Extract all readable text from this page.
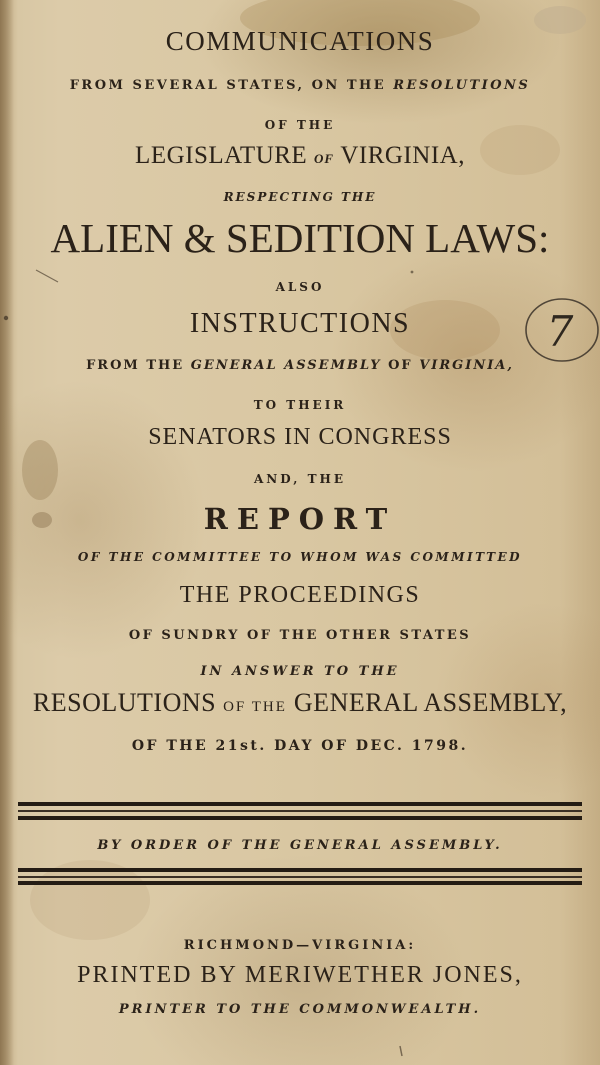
COMMUNICATIONS
FROM SEVERAL STATES, ON THE RESOLUTIONS
OF THE
LEGISLATURE OF VIRGINIA,
RESPECTING THE
ALIEN & SEDITION LAWS:
ALSO
INSTRUCTIONS
FROM THE GENERAL ASSEMBLY OF VIRGINIA,
TO THEIR
SENATORS IN CONGRESS
AND, THE
REPORT
OF THE COMMITTEE TO WHOM WAS COMMITTED
THE PROCEEDINGS
OF SUNDRY OF THE OTHER STATES
IN ANSWER TO THE
RESOLUTIONS OF THE GENERAL ASSEMBLY,
OF THE 21st. DAY OF DEC. 1798.
BY ORDER OF THE GENERAL ASSEMBLY.
RICHMOND—VIRGINIA:
PRINTED BY MERIWETHER JONES,
PRINTER TO THE COMMONWEALTH.
7
